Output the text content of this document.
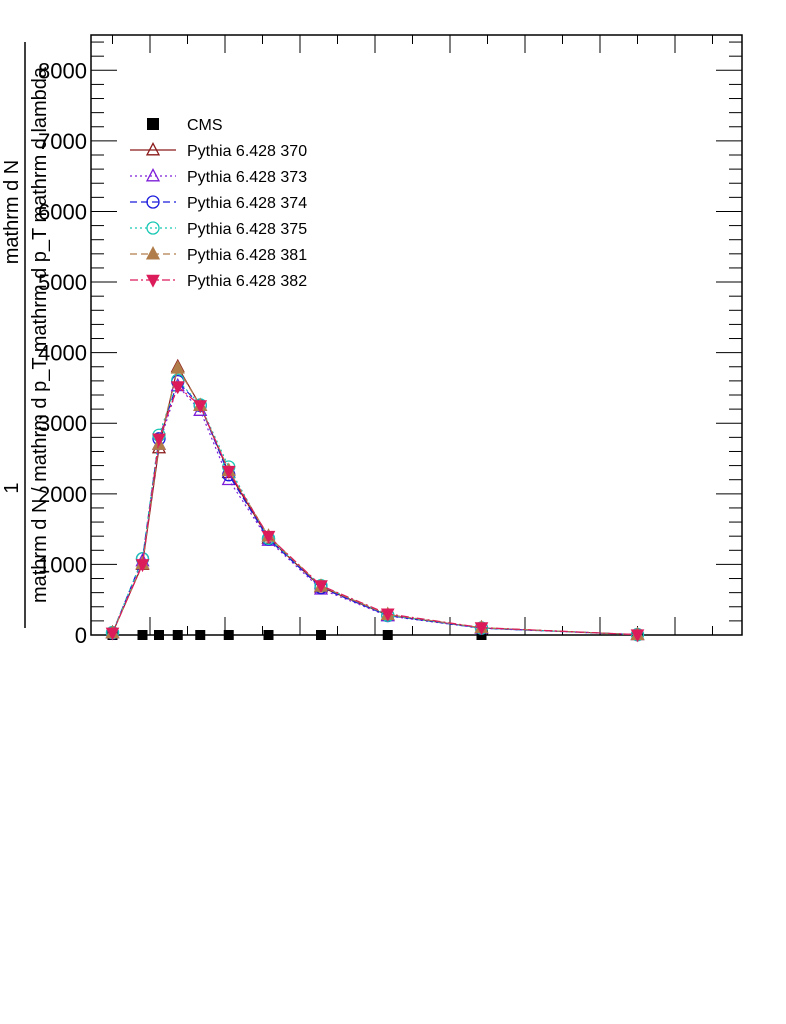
0
1000
2000
3000
4000
5000
6000
7000
8000
CMS
Pythia 6.428 370
Pythia 6.428 373
Pythia 6.428 374
Pythia 6.428 375
Pythia 6.428 381
Pythia 6.428 382
1
mathrm d N mathrm d N / mathrm d p_T mathrm d p_T mathrm d lambda
